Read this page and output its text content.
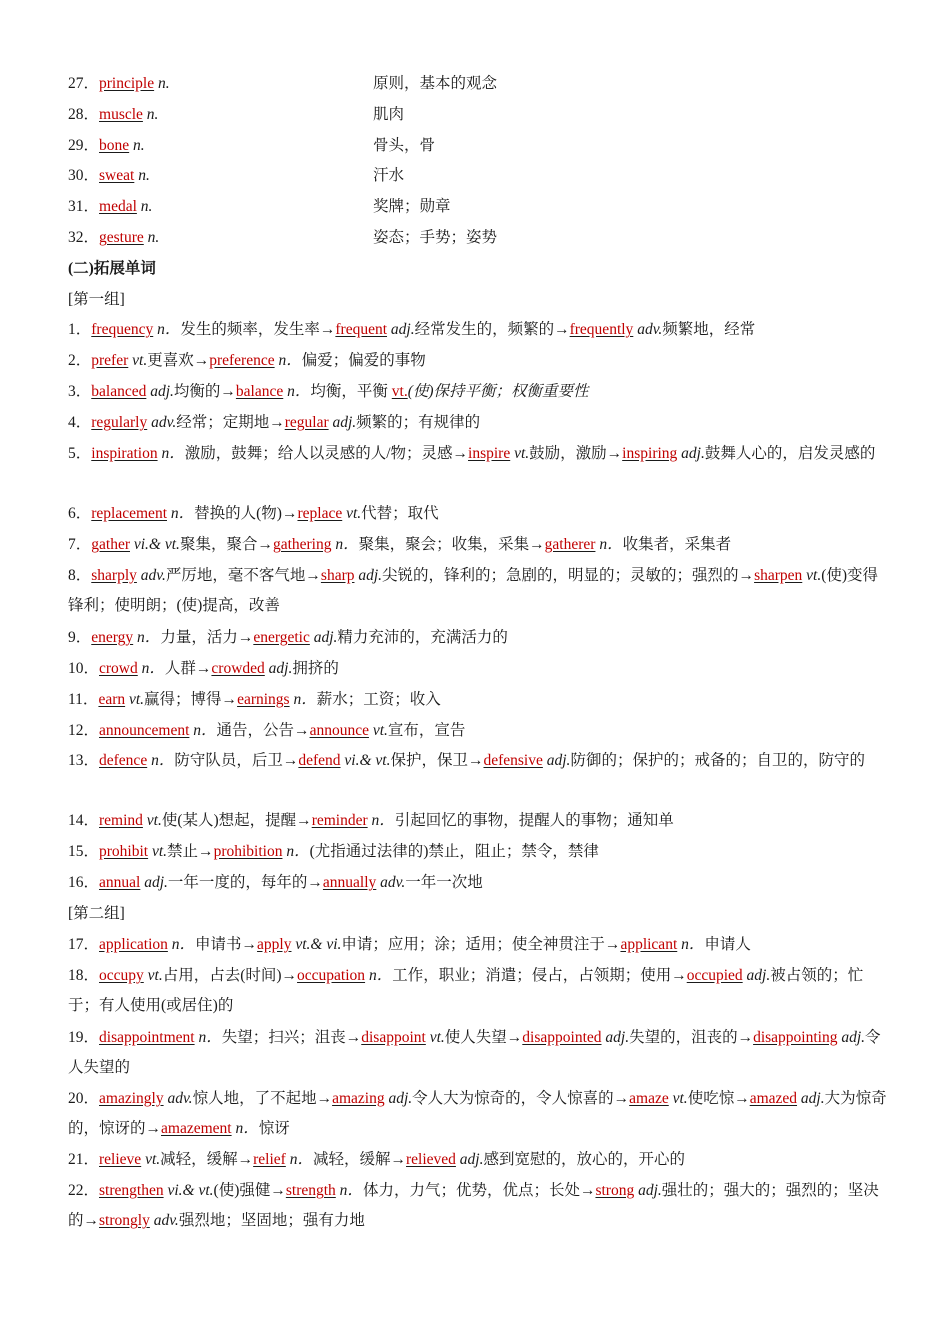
27．principle n.	原则，基本的观念
28．muscle n.	肌肉
29．bone n.	骨头，骨
30．sweat n.	汗水
31．medal n.	奖牌；勋章
32．gesture n.	姿态；手势；姿势
(二)拓展单词
[第一组]
1．frequency n．发生的频率，发生率→frequent adj.经常发生的，频繁的→frequently adv.频繁地，经常
2．prefer vt.更喜欢→preference n．偏爱；偏爱的事物
3．balanced adj.均衡的→balance n．均衡，平衡 vt.(使)保持平衡；权衡重要性
4．regularly adv.经常；定期地→regular adj.频繁的；有规律的
5．inspiration n．激励，鼓舞；给人以灵感的人/物；灵感→inspire vt.鼓励，激励→inspiring adj.鼓舞人心的，启发灵感的
6．replacement n．替换的人(物)→replace vt.代替；取代
7．gather vi.& vt.聚集，聚合→gathering n．聚集，聚会；收集，采集→gatherer n．收集者，采集者
8．sharply adv.严厉地，毫不客气地→sharp adj.尖锐的，锋利的；急剧的，明显的；灵敏的；强烈的→sharpen vt.(使)变得锋利；使明朗；(使)提高，改善
9．energy n．力量，活力→energetic adj.精力充沛的，充满活力的
10．crowd n．人群→crowded adj.拥挤的
11．earn vt.赢得；博得→earnings n．薪水；工资；收入
12．announcement n．通告，公告→announce vt.宣布，宣告
13．defence n．防守队员，后卫→defend vi.& vt.保护，保卫→defensive adj.防御的；保护的；戒备的；自卫的，防守的
14．remind vt.使(某人)想起，提醒→reminder n．引起回忆的事物，提醒人的事物；通知单
15．prohibit vt.禁止→prohibition n．(尤指通过法律的)禁止，阻止；禁令，禁律
16．annual adj.一年一度的，每年的→annually adv.一年一次地
[第二组]
17．application n．申请书→apply vt.& vi.申请；应用；涂；适用；使全神贯注于→applicant n．申请人
18．occupy vt.占用，占去(时间)→occupation n．工作，职业；消遣；侵占，占领期；使用→occupied adj.被占领的；忙于；有人使用(或居住)的
19．disappointment n．失望；扫兴；沮丧→disappoint vt.使人失望→disappointed adj.失望的，沮丧的→disappointing adj.令人失望的
20．amazingly adv.惊人地，了不起地→amazing adj.令人大为惊奇的，令人惊喜的→amaze vt.使吃惊→amazed adj.大为惊奇的，惊讶的→amazement n．惊讶
21．relieve vt.减轻，缓解→relief n．减轻，缓解→relieved adj.感到宽慰的，放心的，开心的
22．strengthen vi.& vt.(使)强健→strength n．体力，力气；优势，优点；长处→strong adj.强壮的；强大的；强烈的；坚决的→strongly adv.强烈地；坚固地；强有力地
